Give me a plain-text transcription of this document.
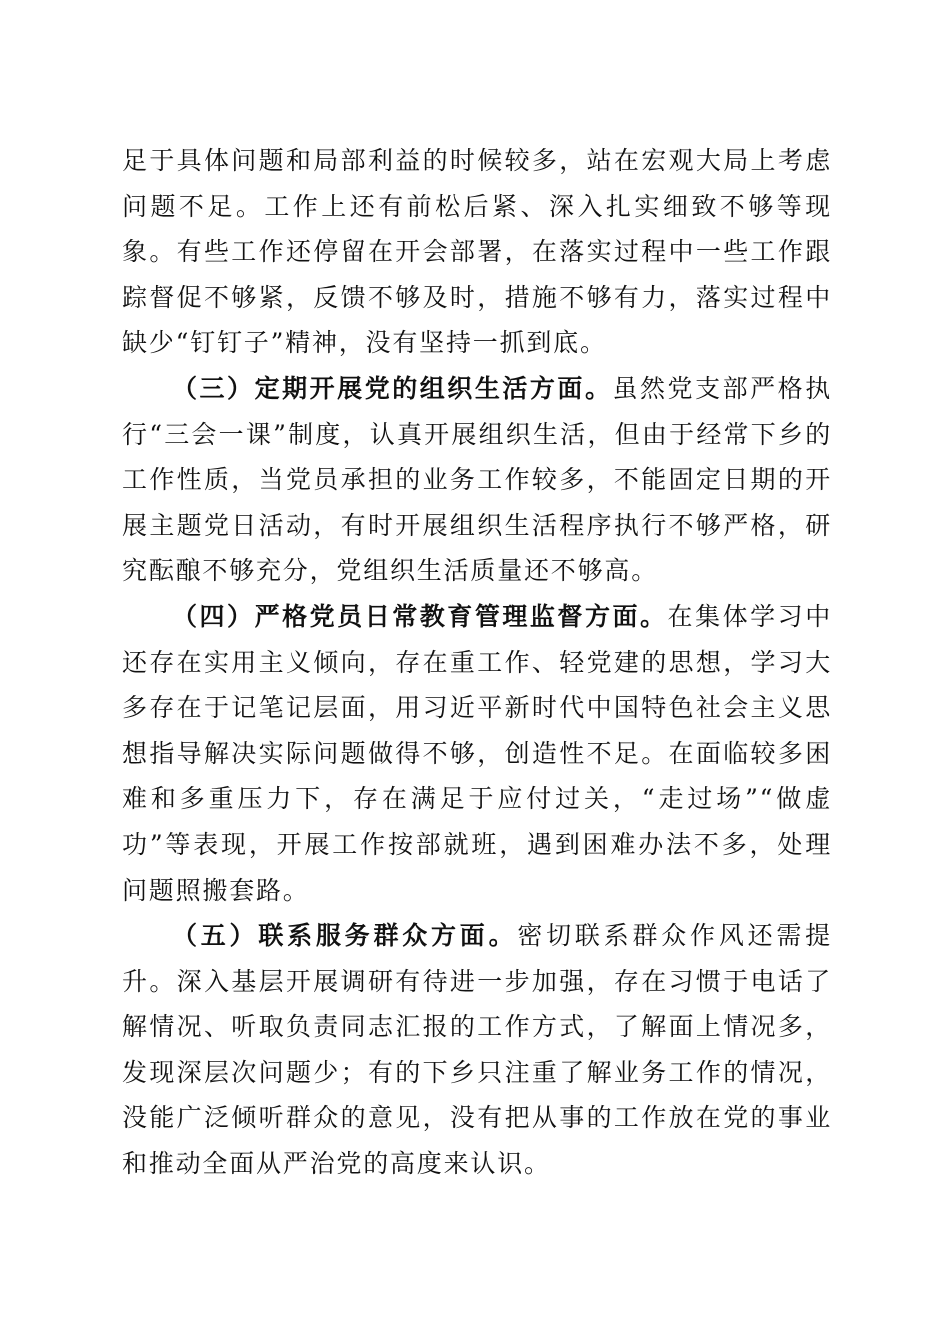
足于具体问题和局部利益的时候较多，站在宏观大局上考虑问题不足。工作上还有前松后紧、深入扎实细致不够等现象。有些工作还停留在开会部署，在落实过程中一些工作跟踪督促不够紧，反馈不够及时，措施不够有力，落实过程中缺少“钉钉子”精神，没有坚持一抓到底。

（三）定期开展党的组织生活方面。虽然党支部严格执行“三会一课”制度，认真开展组织生活，但由于经常下乡的工作性质，当党员承担的业务工作较多，不能固定日期的开展主题党日活动，有时开展组织生活程序执行不够严格，研究酝酿不够充分，党组织生活质量还不够高。

（四）严格党员日常教育管理监督方面。在集体学习中还存在实用主义倾向，存在重工作、轻党建的思想，学习大多存在于记笔记层面，用习近平新时代中国特色社会主义思想指导解决实际问题做得不够，创造性不足。在面临较多困难和多重压力下，存在满足于应付过关，“走过场”“做虚功”等表现，开展工作按部就班，遇到困难办法不多，处理问题照搬套路。

（五）联系服务群众方面。密切联系群众作风还需提升。深入基层开展调研有待进一步加强，存在习惯于电话了解情况、听取负责同志汇报的工作方式，了解面上情况多，发现深层次问题少；有的下乡只注重了解业务工作的情况，没能广泛倾听群众的意见，没有把从事的工作放在党的事业和推动全面从严治党的高度来认识。
